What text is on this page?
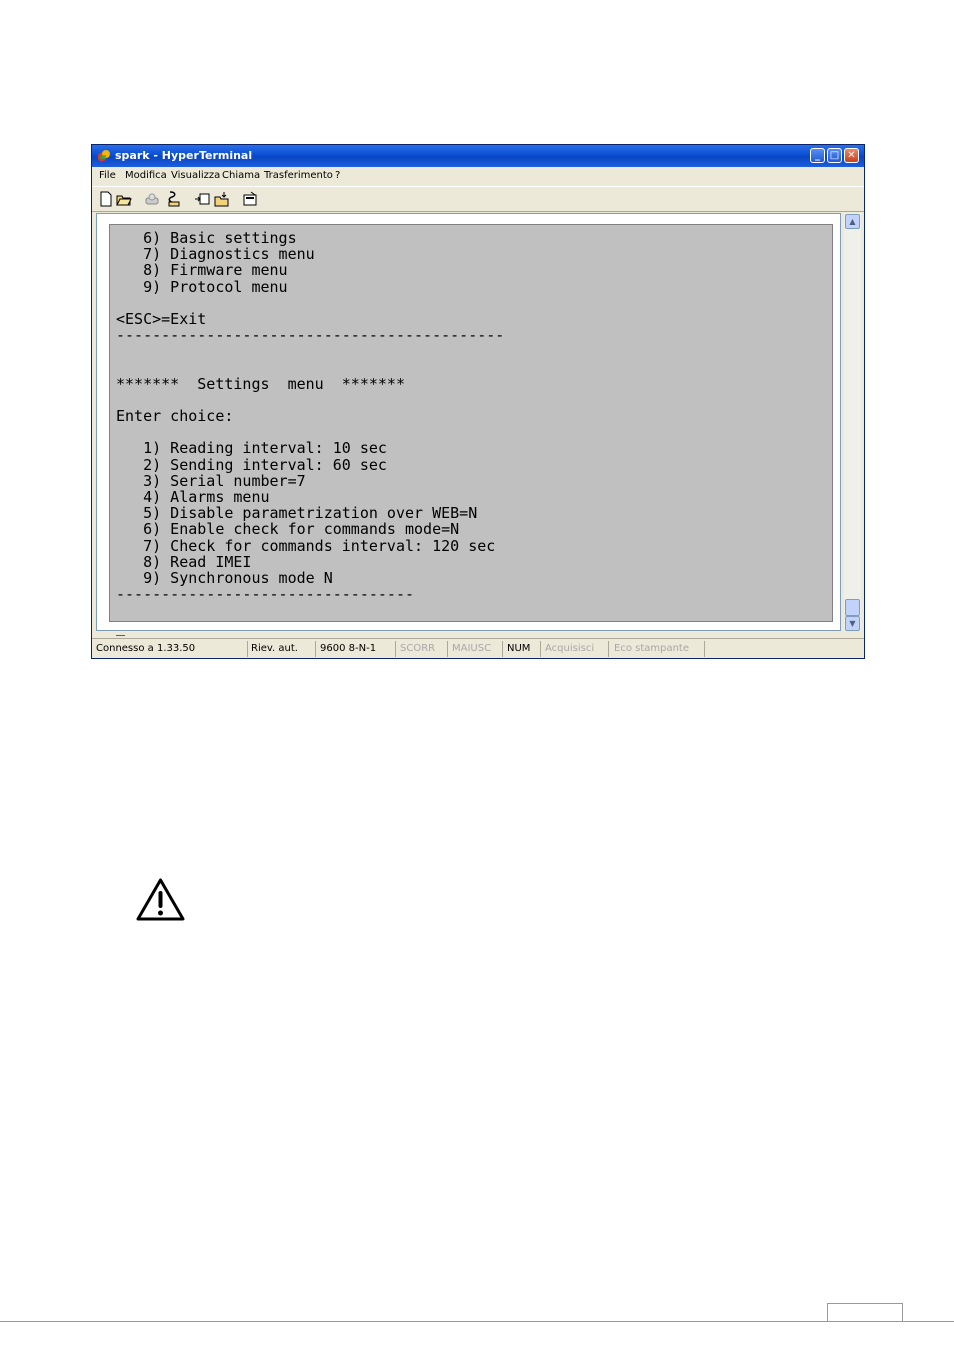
spark - HyperTerminal	_ □ ✕
File Modifica Visualizza Chiama Trasferimento ?
6) Basic settings
7) Diagnostics menu
8) Firmware menu
9) Protocol menu
<ESC>=Exit
-------------------------------------------
*******  Settings  menu  *******
Enter choice:
1) Reading interval: 10 sec
2) Sending interval: 60 sec
3) Serial number=7
4) Alarms menu
5) Disable parametrization over WEB=N
6) Enable check for commands mode=N
7) Check for commands interval: 120 sec
8) Read IMEI
9) Synchronous mode N
---------------------------------
_
▲
▼
Connesso a 1.33.50	Riev. aut. 9600 8-N-1 SCORR MAIUSC NUM Acquisisci Eco stampante
